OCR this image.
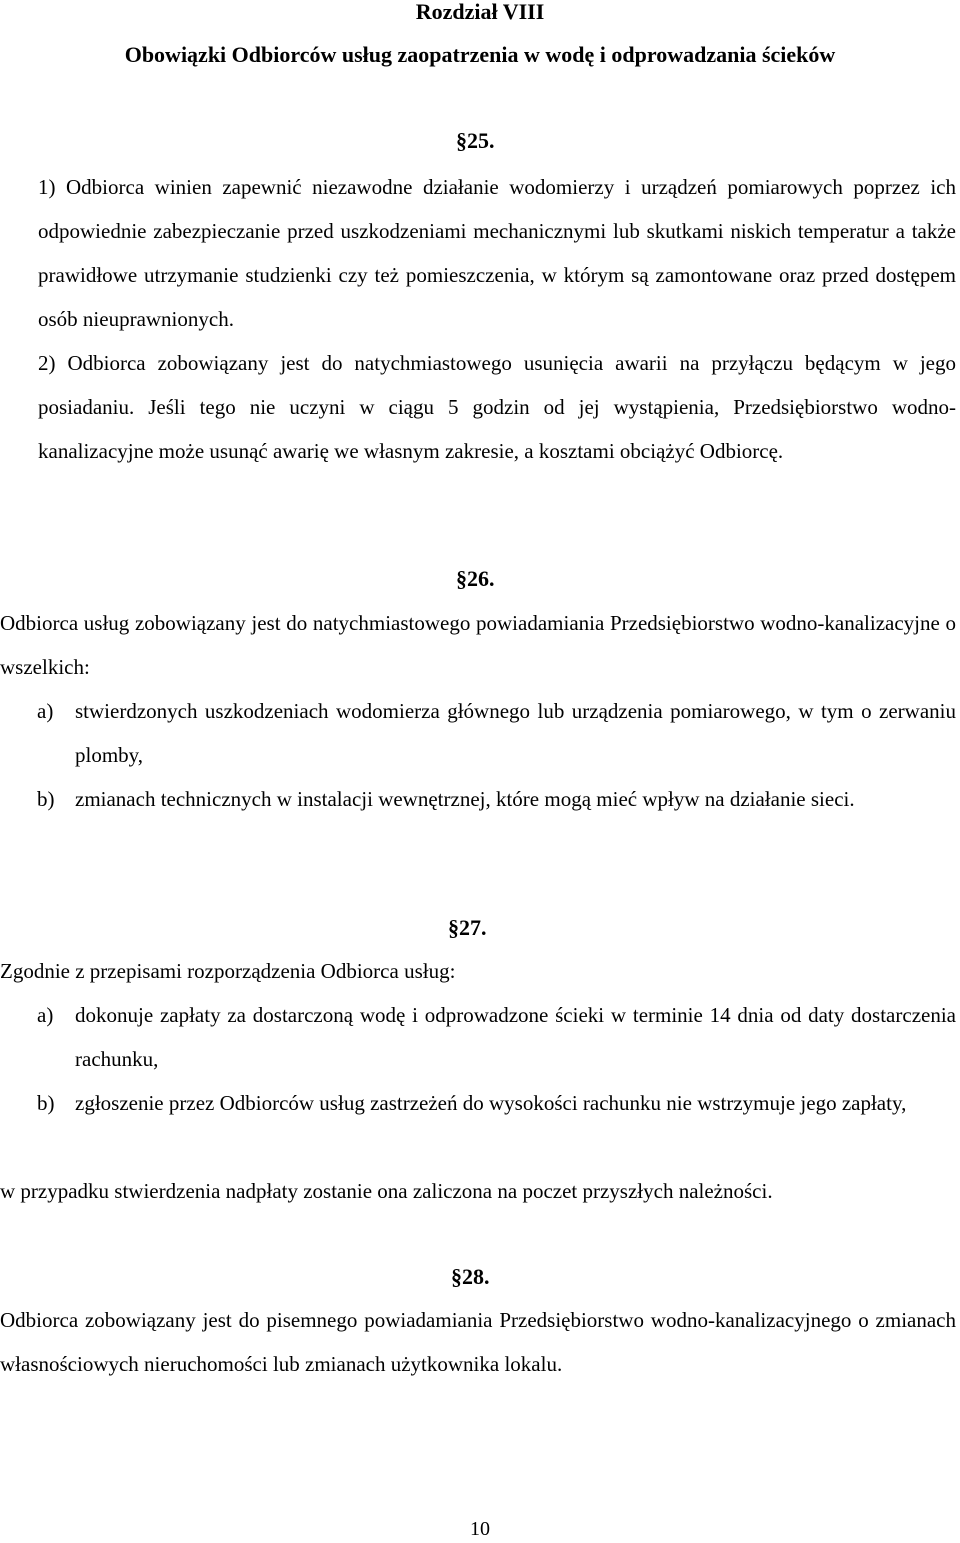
Rozdział VIII
Obowiązki Odbiorców usług zaopatrzenia w wodę i odprowadzania ścieków
§25.
1) Odbiorca winien zapewnić niezawodne działanie wodomierzy i urządzeń pomiarowych poprzez ich odpowiednie zabezpieczanie przed uszkodzeniami mechanicznymi lub skutkami niskich temperatur a także prawidłowe utrzymanie studzienki czy też pomieszczenia, w którym są zamontowane oraz przed dostępem osób nieuprawnionych.
2) Odbiorca zobowiązany jest do natychmiastowego usunięcia awarii na przyłączu będącym w jego posiadaniu. Jeśli tego nie uczyni w ciągu 5 godzin od jej wystąpienia, Przedsiębiorstwo wodno-kanalizacyjne może usunąć awarię we własnym zakresie, a kosztami obciążyć Odbiorcę.
§26.
Odbiorca usług zobowiązany jest do natychmiastowego powiadamiania Przedsiębiorstwo wodno-kanalizacyjne o wszelkich:
a) stwierdzonych uszkodzeniach wodomierza głównego lub urządzenia pomiarowego, w tym o zerwaniu plomby,
b) zmianach technicznych w instalacji wewnętrznej, które mogą mieć wpływ na działanie sieci.
§27.
Zgodnie z przepisami rozporządzenia Odbiorca usług:
a) dokonuje zapłaty za dostarczoną wodę i odprowadzone ścieki w terminie 14 dnia od daty dostarczenia rachunku,
b) zgłoszenie przez Odbiorców usług zastrzeżeń do wysokości rachunku nie wstrzymuje jego zapłaty,
w przypadku stwierdzenia nadpłaty zostanie ona zaliczona na poczet przyszłych należności.
§28.
Odbiorca zobowiązany jest do pisemnego powiadamiania Przedsiębiorstwo wodno-kanalizacyjnego o zmianach własnościowych nieruchomości lub zmianach użytkownika lokalu.
10
